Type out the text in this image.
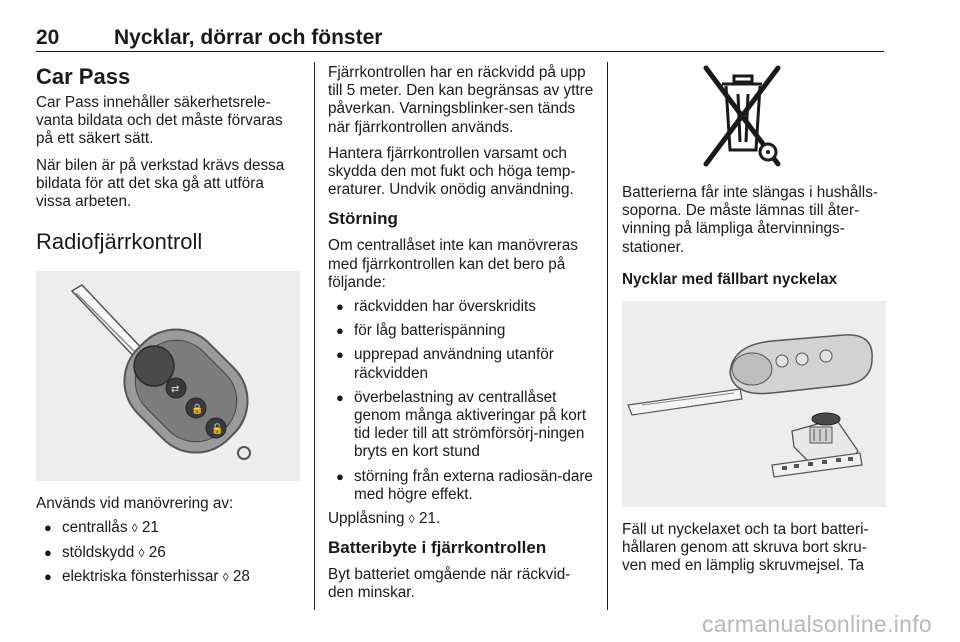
20	Nycklar, dörrar och fönster
Car Pass

Car Pass innehåller säkerhetsrele-vanta bildata och det måste förvaras på ett säkert sätt.

När bilen är på verkstad krävs dessa bildata för att det ska gå att utföra vissa arbeten.

Radiofjärrkontroll
⇄
🔒
🔓

Används vid manövrering av:

● centrallås ◊ 21
● stöldskydd ◊ 26
● elektriska fönsterhissar ◊ 28

Fjärrkontrollen har en räckvidd på upp till 5 meter. Den kan begränsas av yttre påverkan. Varningsblinker-sen tänds när fjärrkontrollen används.

Hantera fjärrkontrollen varsamt och skydda den mot fukt och höga temp-eraturer. Undvik onödig användning.

Störning

Om centrallåset inte kan manövreras med fjärrkontrollen kan det bero på följande:

● räckvidden har överskridits
● för låg batterispänning
● upprepad användning utanför räckvidden
● överbelastning av centrallåset genom många aktiveringar på kort tid leder till att strömförsörj-ningen bryts en kort stund
● störning från externa radiosän-dare med högre effekt.

Upplåsning ◊ 21.

Batteribyte i fjärrkontrollen

Byt batteriet omgående när räckvid-den minskar.

Batterierna får inte slängas i hushålls-soporna. De måste lämnas till åter-vinning på lämpliga återvinnings-stationer.

Nycklar med fällbart nyckelax

Fäll ut nyckelaxet och ta bort batteri-hållaren genom att skruva bort skru-ven med en lämplig skruvmejsel. Ta

carmanualsonline.info
